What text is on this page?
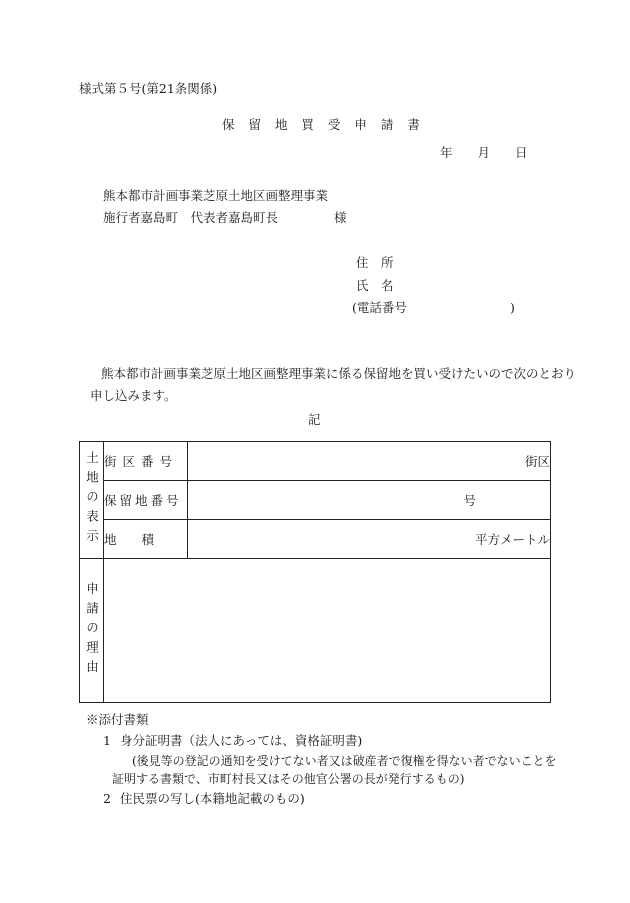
様式第５号(第21条関係)
保 留 地 買 受 申 請 書
年　　月　　日
熊本都市計画事業芝原土地区画整理事業
施行者嘉島町　代表者嘉島町長	様
住　所
氏　名
(電話番号	)
熊本都市計画事業芝原土地区画整理事業に係る保留地を買い受けたいので次のとおり
申し込みます。
記
土地の表示	街区番号	街区
	保留地番号	号
	地　　積	平方メートル

申請の理由		

※添付書類
1 身分証明書（法人にあっては、資格証明書)
(後見等の登記の通知を受けてない者又は破産者で復権を得ない者でないことを
証明する書類で、市町村長又はその他官公署の長が発行するもの)
2 住民票の写し(本籍地記載のもの)
